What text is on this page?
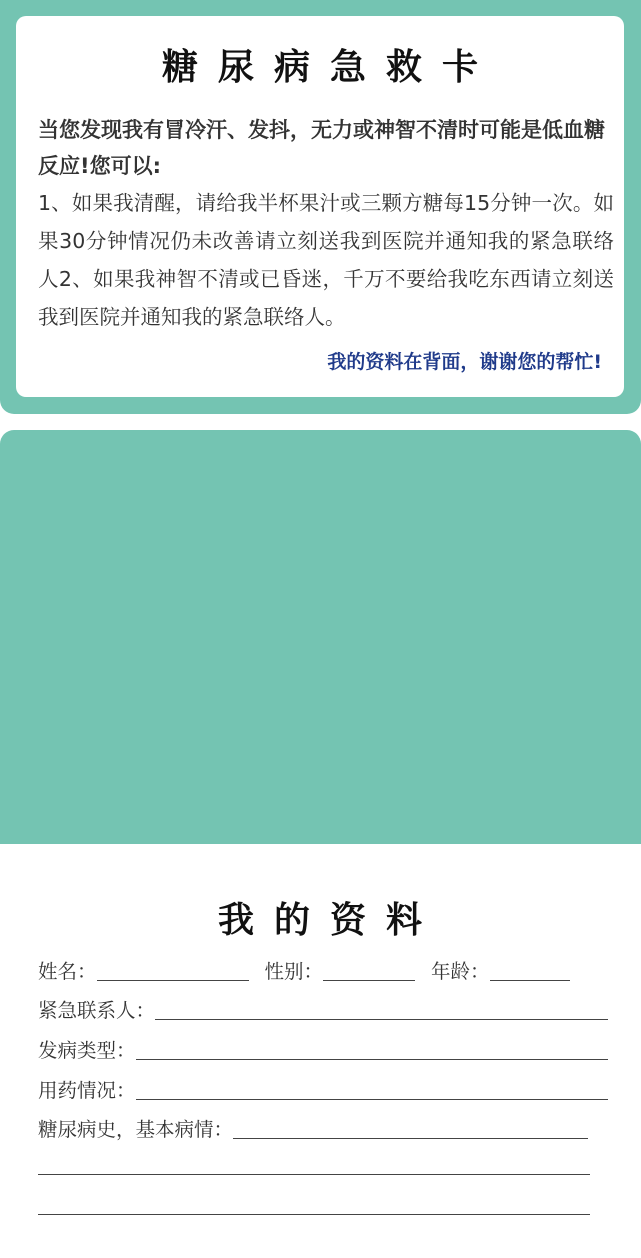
糖尿病急救卡
当您发现我有冒冷汗、发抖，无力或神智不清时可能是低血糖反应!您可以:
1、如果我清醒，请给我半杯果汁或三颗方糖每15分钟一次。如果30分钟情况仍未改善请立刻送我到医院并通知我的紧急联络人2、如果我神智不清或已昏迷，千万不要给我吃东西请立刻送我到医院并通知我的紧急联络人。
我的资料在背面，谢谢您的帮忙!
我的资料
姓名：	性别：	年龄：
紧急联系人：
发病类型：
用药情况：
糖尿病史，基本病情：
